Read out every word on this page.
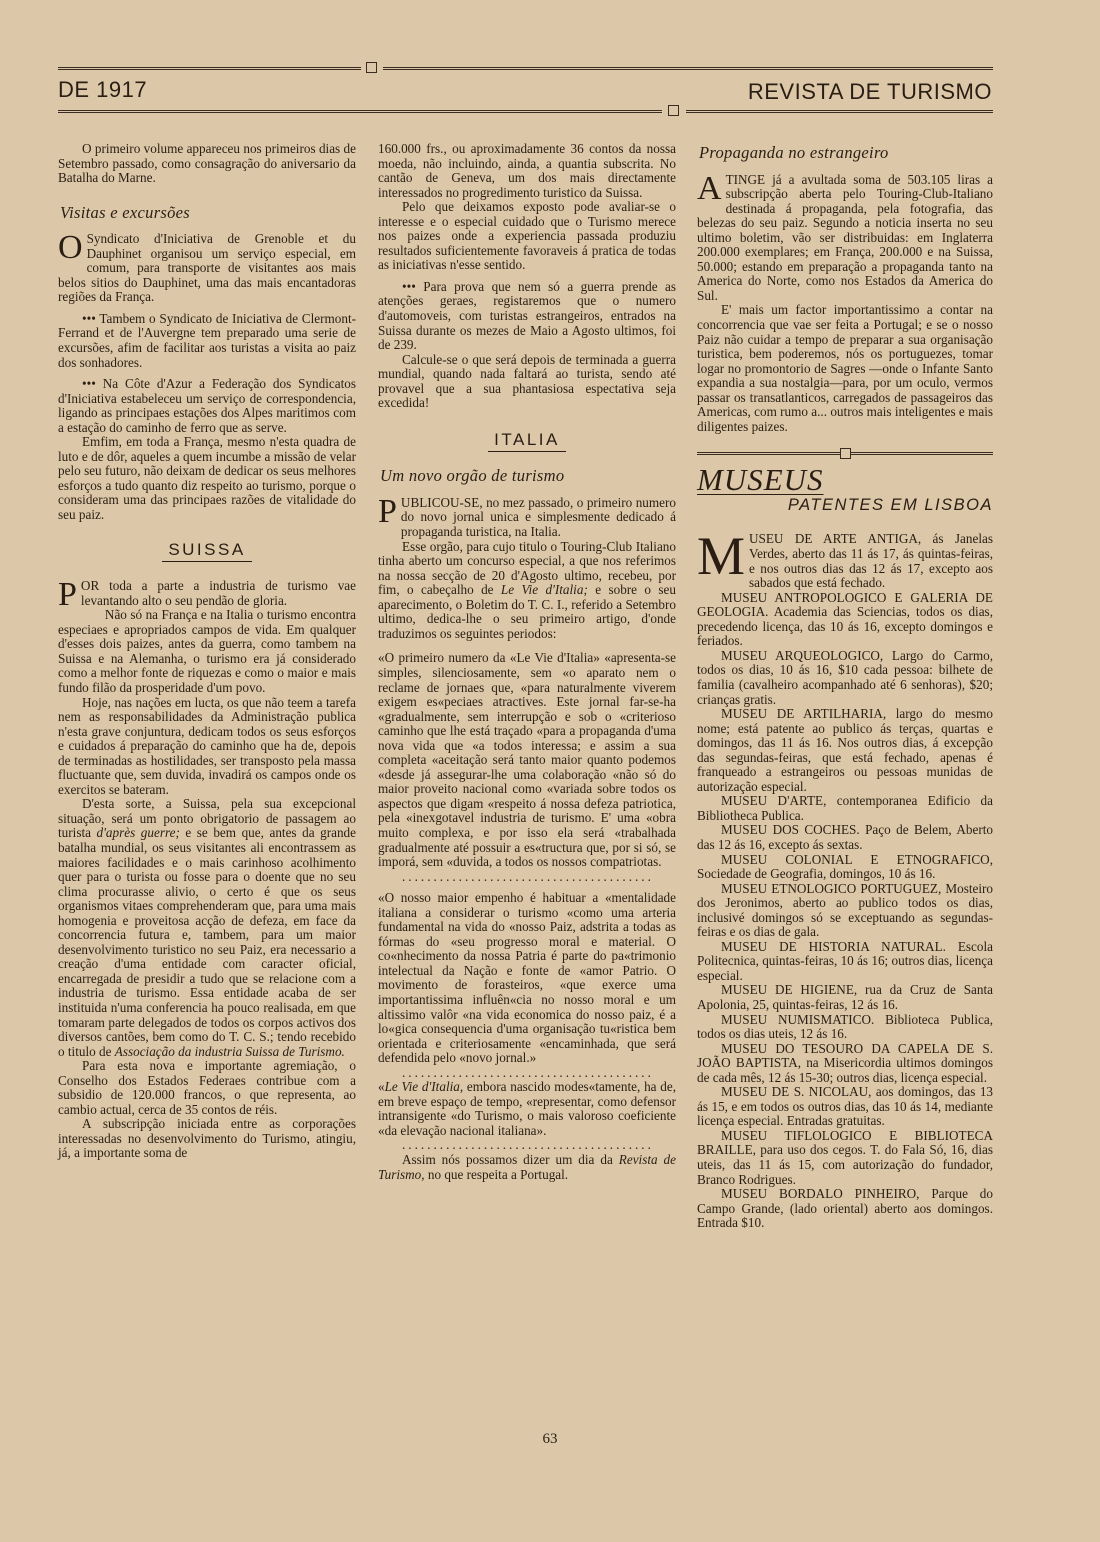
DE 1917	REVISTA DE TURISMO

O primeiro volume appareceu nos primeiros dias de Setembro passado, como consagração do aniversario da Batalha do Marne.

Visitas e excursões

O Syndicato d'Iniciativa de Grenoble et du Dauphinet organisou um serviço especial, em comum, para transporte de visitantes aos mais belos sitios do Dauphinet, uma das mais encantadoras regiões da França.

••• Tambem o Syndicato de Iniciativa de Clermont-Ferrand et de l'Auvergne tem preparado uma serie de excursões, afim de facilitar aos turistas a visita ao paiz dos sonhadores.

••• Na Côte d'Azur a Federação dos Syndicatos d'Iniciativa estabeleceu um serviço de correspondencia, ligando as principaes estações dos Alpes maritimos com a estação do caminho de ferro que as serve.

Emfim, em toda a França, mesmo n'esta quadra de luto e de dôr, aqueles a quem incumbe a missão de velar pelo seu futuro, não deixam de dedicar os seus melhores esforços a tudo quanto diz respeito ao turismo, porque o consideram uma das principaes razões de vitalidade do seu paiz.

SUISSA

POR toda a parte a industria de turismo vae levantando alto o seu pendão de gloria.

Não só na França e na Italia o turismo encontra especiaes e apropriados campos de vida. Em qualquer d'esses dois paizes, antes da guerra, como tambem na Suissa e na Alemanha, o turismo era já considerado como a melhor fonte de riquezas e como o maior e mais fundo filão da prosperidade d'um povo.

Hoje, nas nações em lucta, os que não teem a tarefa nem as responsabilidades da Administração publica n'esta grave conjuntura, dedicam todos os seus esforços e cuidados á preparação do caminho que ha de, depois de terminadas as hostilidades, ser transposto pela massa fluctuante que, sem duvida, invadirá os campos onde os exercitos se bateram.

D'esta sorte, a Suissa, pela sua excepcional situação, será um ponto obrigatorio de passagem ao turista d'après guerre; e se bem que, antes da grande batalha mundial, os seus visitantes ali encontrassem as maiores facilidades e o mais carinhoso acolhimento quer para o turista ou fosse para o doente que no seu clima procurasse alivio, o certo é que os seus organismos vitaes comprehenderam que, para uma mais homogenia e proveitosa acção de defeza, em face da concorrencia futura e, tambem, para um maior desenvolvimento turistico no seu Paiz, era necessario a creação d'uma entidade com caracter oficial, encarregada de presidir a tudo que se relacione com a industria de turismo. Essa entidade acaba de ser instituida n'uma conferencia ha pouco realisada, em que tomaram parte delegados de todos os corpos activos dos diversos cantões, bem como do T. C. S.; tendo recebido o titulo de Associação da industria Suissa de Turismo.

Para esta nova e importante agremiação, o Conselho dos Estados Federaes contribue com a subsidio de 120.000 francos, o que representa, ao cambio actual, cerca de 35 contos de réis.

A subscripção iniciada entre as corporações interessadas no desenvolvimento do Turismo, atingiu, já, a importante soma de

160.000 frs., ou aproximadamente 36 contos da nossa moeda, não incluindo, ainda, a quantia subscrita. No cantão de Geneva, um dos mais directamente interessados no progredimento turistico da Suissa.

Pelo que deixamos exposto pode avaliar-se o interesse e o especial cuidado que o Turismo merece nos paizes onde a experiencia passada produziu resultados suficientemente favoraveis á pratica de todas as iniciativas n'esse sentido.

••• Para prova que nem só a guerra prende as atenções geraes, registaremos que o numero d'automoveis, com turistas estrangeiros, entrados na Suissa durante os mezes de Maio a Agosto ultimos, foi de 239.

Calcule-se o que será depois de terminada a guerra mundial, quando nada faltará ao turista, sendo até provavel que a sua phantasiosa espectativa seja excedida!

ITALIA
Um novo orgão de turismo

PUBLICOU-SE, no mez passado, o primeiro numero do novo jornal unica e simplesmente dedicado á propaganda turistica, na Italia.

Esse orgão, para cujo titulo o Touring-Club Italiano tinha aberto um concurso especial, a que nos referimos na nossa secção de 20 d'Agosto ultimo, recebeu, por fim, o cabeçalho de Le Vie d'Italia; e sobre o seu aparecimento, o Boletim do T. C. I., referido a Setembro ultimo, dedica-lhe o seu primeiro artigo, d'onde traduzimos os seguintes periodos:

«O primeiro numero da «Le Vie d'Italia» «apresenta-se simples, silenciosamente, sem «o aparato nem o reclame de jornaes que, «para naturalmente viverem exigem es«peciaes atractives. Este jornal far-se-ha «gradualmente, sem interrupção e sob o «criterioso caminho que lhe está traçado «para a propaganda d'uma nova vida que «a todos interessa; e assim a sua completa «aceitação será tanto maior quanto podemos «desde já assegurar-lhe uma colaboração «não só do maior proveito nacional como «variada sobre todos os aspectos que digam «respeito á nossa defeza patriotica, pela «inexgotavel industria de turismo. E' uma «obra muito complexa, e por isso ela será «trabalhada gradualmente até possuir a es«tructura que, por si só, se imporá, sem «duvida, a todos os nossos compatriotas.

........................................

«O nosso maior empenho é habituar a «mentalidade italiana a considerar o turismo «como uma arteria fundamental na vida do «nosso Paiz, adstrita a todas as fórmas do «seu progresso moral e material. O co«nhecimento da nossa Patria é parte do pa«trimonio intelectual da Nação e fonte de «amor Patrio. O movimento de forasteiros, «que exerce uma importantissima influên«cia no nosso moral e um altissimo valôr «na vida economica do nosso paiz, é a lo«gica consequencia d'uma organisação tu«ristica bem orientada e criteriosamente «encaminhada, que será defendida pelo «novo jornal.»

........................................

«Le Vie d'Italia, embora nascido modes«tamente, ha de, em breve espaço de tempo, «representar, como defensor intransigente «do Turismo, o mais valoroso coeficiente «da elevação nacional italiana».

........................................

Assim nós possamos dizer um dia da Revista de Turismo, no que respeita a Portugal.

Propaganda no estrangeiro

ATINGE já a avultada soma de 503.105 liras a subscripção aberta pelo Touring-Club-Italiano destinada á propaganda, pela fotografia, das belezas do seu paiz. Segundo a noticia inserta no seu ultimo boletim, vão ser distribuidas: em Inglaterra 200.000 exemplares; em França, 200.000 e na Suissa, 50.000; estando em preparação a propaganda tanto na America do Norte, como nos Estados da America do Sul.

E' mais um factor importantissimo a contar na concorrencia que vae ser feita a Portugal; e se o nosso Paiz não cuidar a tempo de preparar a sua organisação turistica, bem poderemos, nós os portuguezes, tomar logar no promontorio de Sagres —onde o Infante Santo expandia a sua nostalgia—para, por um oculo, vermos passar os transatlanticos, carregados de passageiros das Americas, com rumo a... outros mais inteligentes e mais diligentes paizes.

MUSEUS
PATENTES EM LISBOA

MUSEU DE ARTE ANTIGA, ás Janelas Verdes, aberto das 11 ás 17, ás quintas-feiras, e nos outros dias das 12 ás 17, excepto aos sabados que está fechado.

MUSEU ANTROPOLOGICO E GALERIA DE GEOLOGIA. Academia das Sciencias, todos os dias, precedendo licença, das 10 ás 16, excepto domingos e feriados.

MUSEU ARQUEOLOGICO, Largo do Carmo, todos os dias, 10 ás 16, $10 cada pessoa: bilhete de familia (cavalheiro acompanhado até 6 senhoras), $20; crianças gratis.

MUSEU DE ARTILHARIA, largo do mesmo nome; está patente ao publico ás terças, quartas e domingos, das 11 ás 16. Nos outros dias, á excepção das segundas-feiras, que está fechado, apenas é franqueado a estrangeiros ou pessoas munidas de autorização especial.

MUSEU D'ARTE, contemporanea Edificio da Bibliotheca Publica.

MUSEU DOS COCHES. Paço de Belem, Aberto das 12 ás 16, excepto ás sextas.

MUSEU COLONIAL E ETNOGRAFICO, Sociedade de Geografia, domingos, 10 ás 16.

MUSEU ETNOLOGICO PORTUGUEZ, Mosteiro dos Jeronimos, aberto ao publico todos os dias, inclusivé domingos só se exceptuando as segundas-feiras e os dias de gala.

MUSEU DE HISTORIA NATURAL. Escola Politecnica, quintas-feiras, 10 ás 16; outros dias, licença especial.

MUSEU DE HIGIENE, rua da Cruz de Santa Apolonia, 25, quintas-feiras, 12 ás 16.

MUSEU NUMISMATICO. Biblioteca Publica, todos os dias uteis, 12 ás 16.

MUSEU DO TESOURO DA CAPELA DE S. JOÃO BAPTISTA, na Misericordia ultimos domingos de cada mês, 12 ás 15-30; outros dias, licença especial.

MUSEU DE S. NICOLAU, aos domingos, das 13 ás 15, e em todos os outros dias, das 10 ás 14, mediante licença especial. Entradas gratuitas.

MUSEU TIFLOLOGICO E BIBLIOTECA BRAILLE, para uso dos cegos. T. do Fala Só, 16, dias uteis, das 11 ás 15, com autorização do fundador, Branco Rodrigues.

MUSEU BORDALO PINHEIRO, Parque do Campo Grande, (lado oriental) aberto aos domingos. Entrada $10.

63
